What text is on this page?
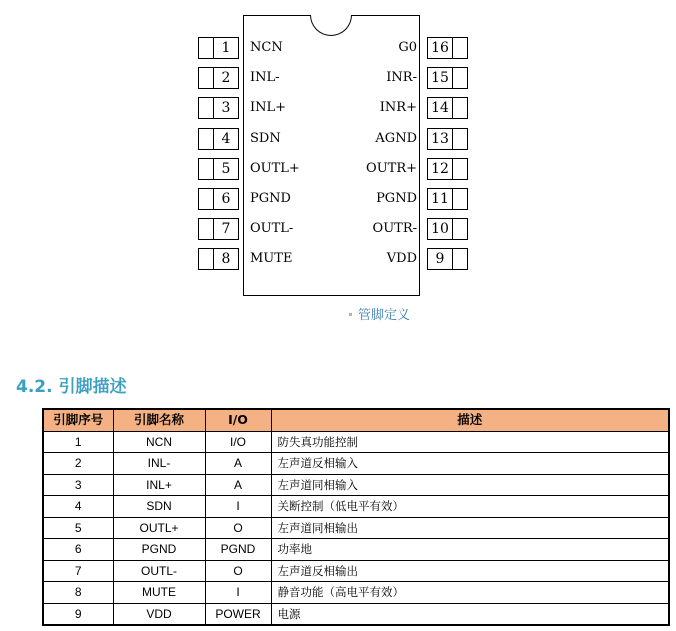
1	NCN
2	INL-
3	INL+
4	SDN
5	OUTL+
6	PGND
7	OUTL-
8	MUTE
16
G0
15
INR-
14
INR+
13
AGND
12
OUTR+
11
PGND
10
OUTR-
9
VDD
管脚定义
4.2. 引脚描述
引脚序号	引脚名称	I/O	描述
1	NCN	I/O	防失真功能控制
2	INL-	A	左声道反相输入
3	INL+	A	左声道同相输入
4	SDN	I	关断控制（低电平有效）
5	OUTL+	O	左声道同相输出
6	PGND	PGND	功率地
7	OUTL-	O	左声道反相输出
8	MUTE	I	静音功能（高电平有效）
9	VDD	POWER	电源
